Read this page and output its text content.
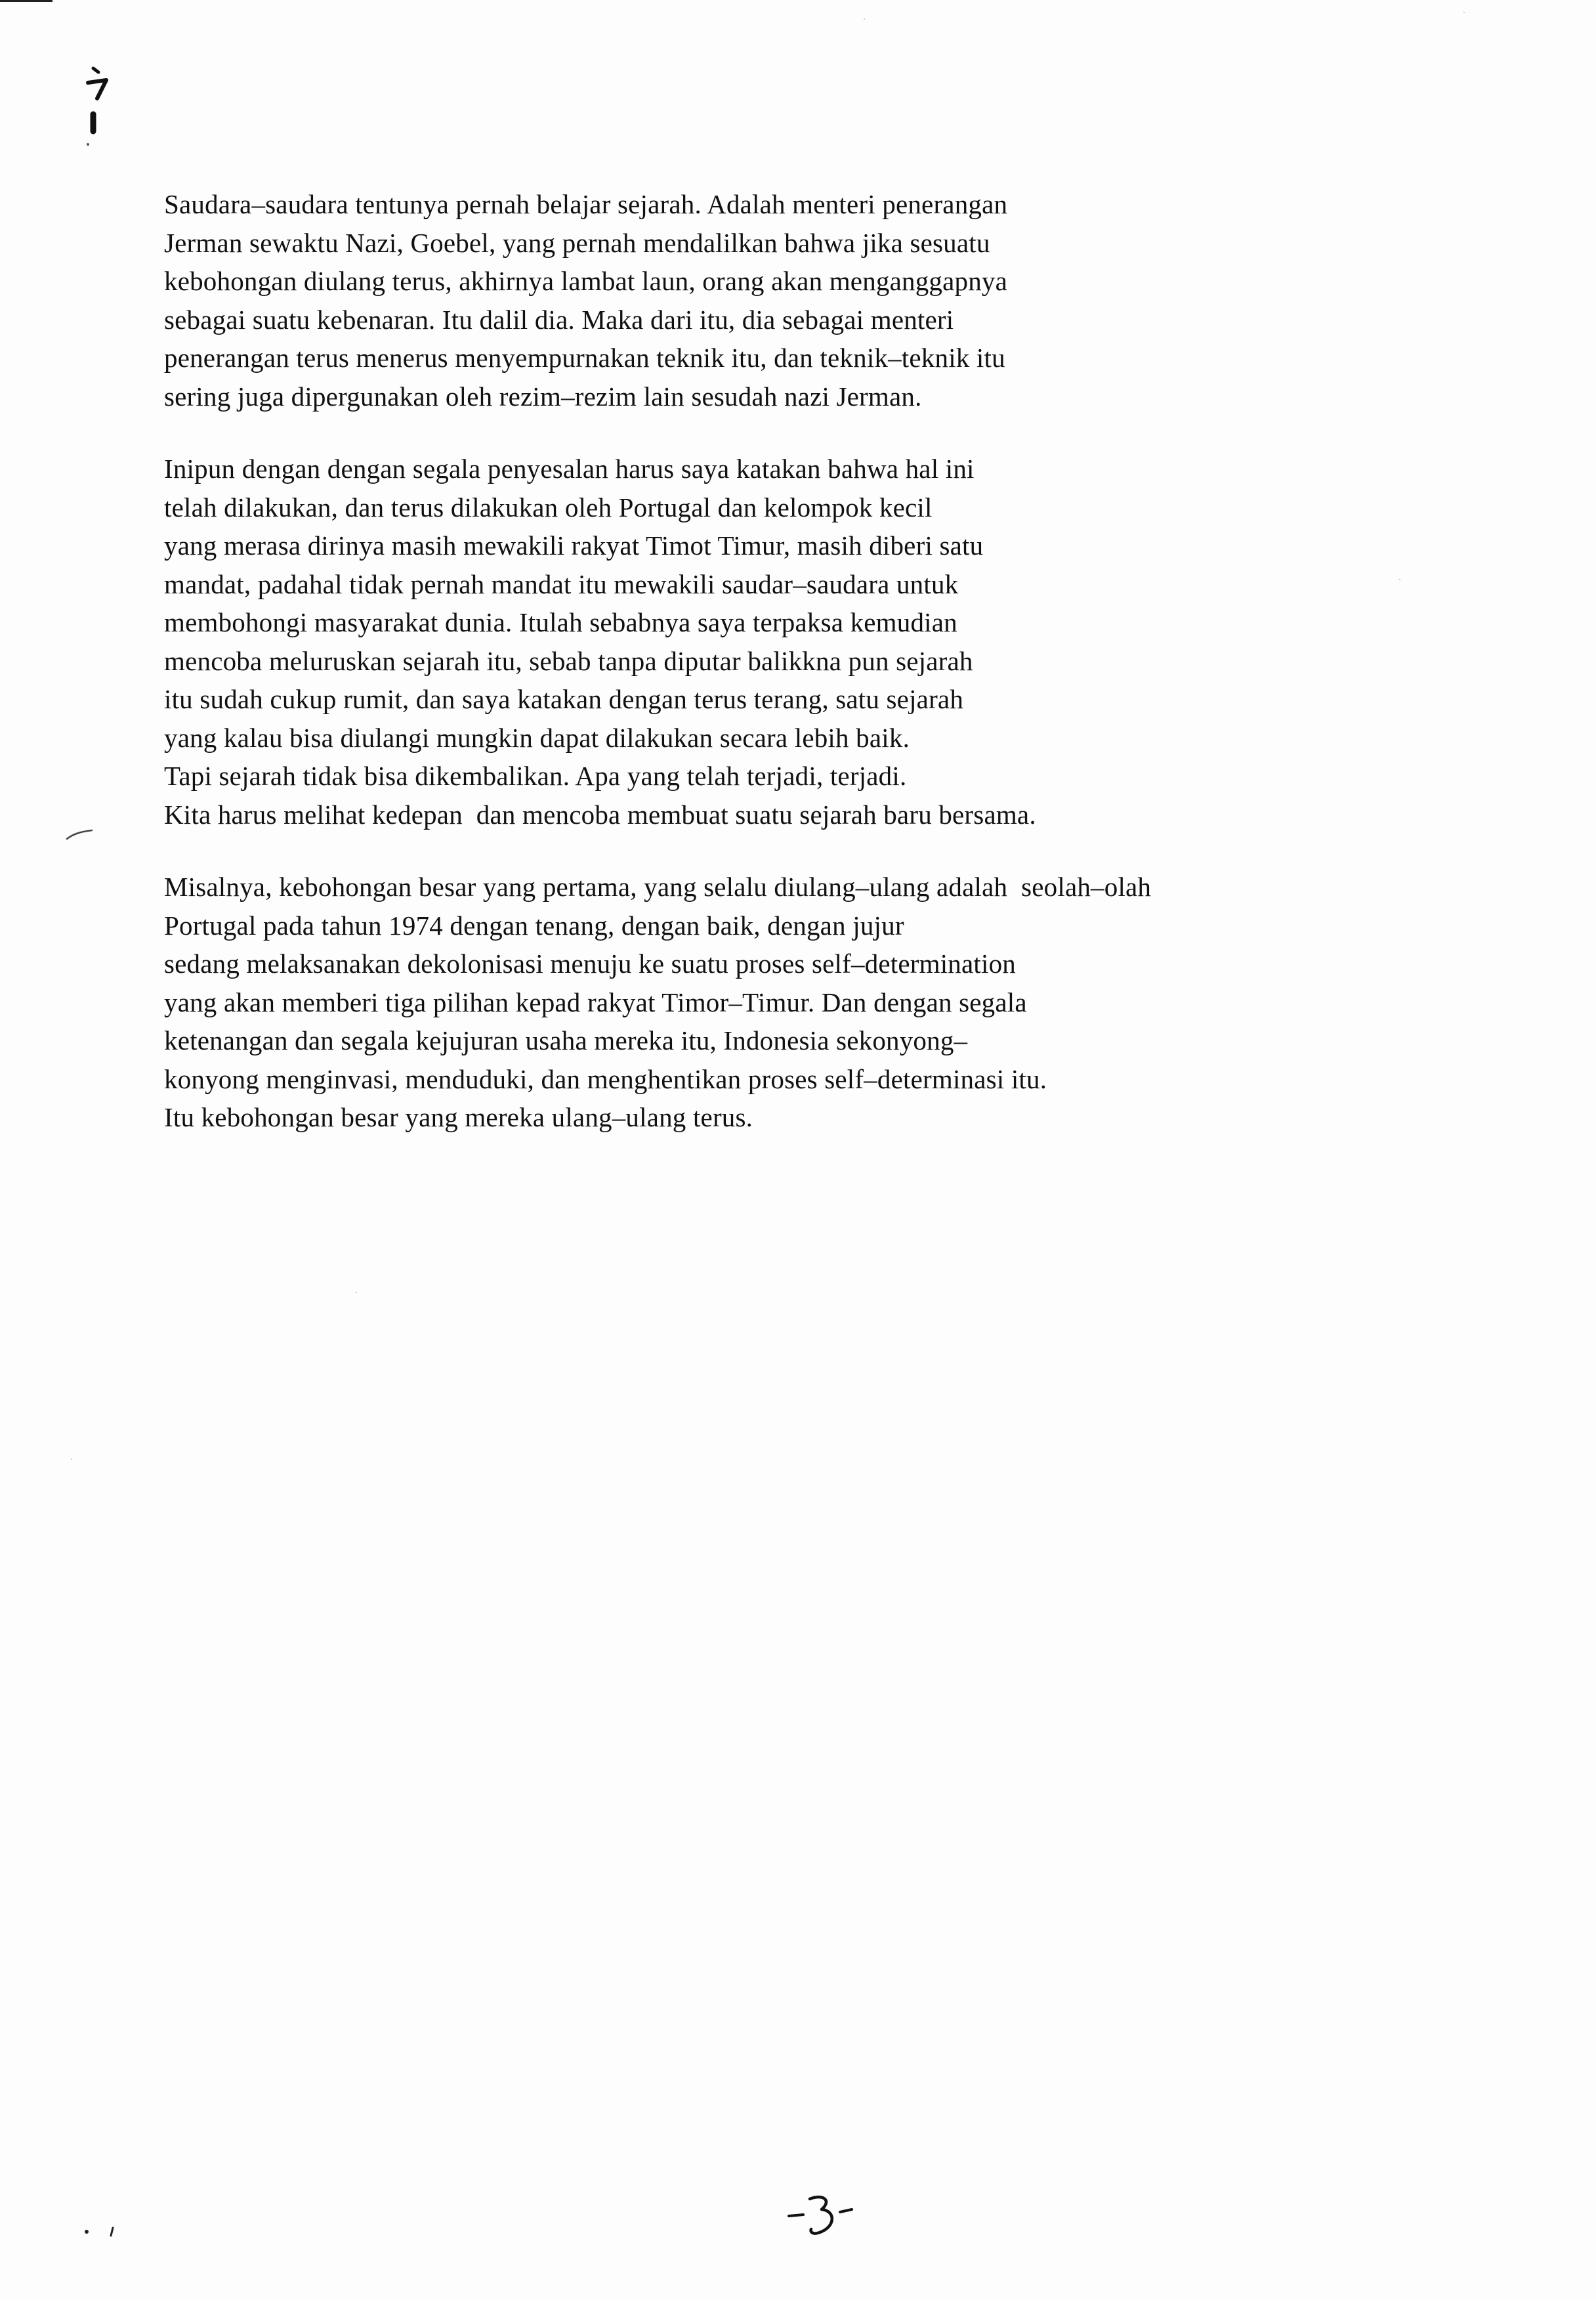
Saudara–saudara tentunya pernah belajar sejarah. Adalah menteri penerangan
Jerman sewaktu Nazi, Goebel, yang pernah mendalilkan bahwa jika sesuatu
kebohongan diulang terus, akhirnya lambat laun, orang akan menganggapnya
sebagai suatu kebenaran. Itu dalil dia. Maka dari itu, dia sebagai menteri
penerangan terus menerus menyempurnakan teknik itu, dan teknik–teknik itu
sering juga dipergunakan oleh rezim–rezim lain sesudah nazi Jerman.
Inipun dengan dengan segala penyesalan harus saya katakan bahwa hal ini
telah dilakukan, dan terus dilakukan oleh Portugal dan kelompok kecil
yang merasa dirinya masih mewakili rakyat Timot Timur, masih diberi satu
mandat, padahal tidak pernah mandat itu mewakili saudar–saudara untuk
membohongi masyarakat dunia. Itulah sebabnya saya terpaksa kemudian
mencoba meluruskan sejarah itu, sebab tanpa diputar balikkna pun sejarah
itu sudah cukup rumit, dan saya katakan dengan terus terang, satu sejarah
yang kalau bisa diulangi mungkin dapat dilakukan secara lebih baik.
Tapi sejarah tidak bisa dikembalikan. Apa yang telah terjadi, terjadi.
Kita harus melihat kedepan  dan mencoba membuat suatu sejarah baru bersama.
Misalnya, kebohongan besar yang pertama, yang selalu diulang–ulang adalah  seolah–olah
Portugal pada tahun 1974 dengan tenang, dengan baik, dengan jujur
sedang melaksanakan dekolonisasi menuju ke suatu proses self–determination
yang akan memberi tiga pilihan kepad rakyat Timor–Timur. Dan dengan segala
ketenangan dan segala kejujuran usaha mereka itu, Indonesia sekonyong–
konyong menginvasi, menduduki, dan menghentikan proses self–determinasi itu.
Itu kebohongan besar yang mereka ulang–ulang terus.
